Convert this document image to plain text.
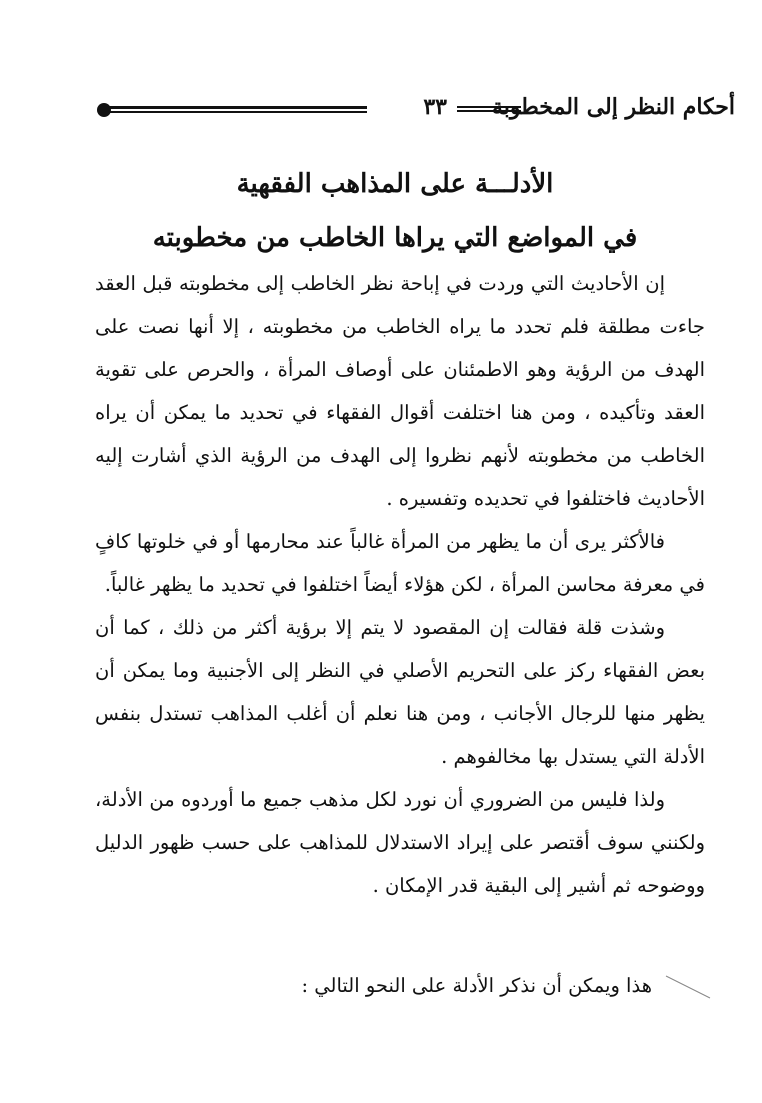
٣٣ أحكام النظر إلى المخطوبة
الأدلـــة على المذاهب الفقهية
في المواضع التي يراها الخاطب من مخطوبته

إن الأحاديث التي وردت في إباحة نظر الخاطب إلى مخطوبته قبل العقد جاءت مطلقة فلم تحدد ما يراه الخاطب من مخطوبته ، إلا أنها نصت على الهدف من الرؤية وهو الاطمئنان على أوصاف المرأة ، والحرص على تقوية العقد وتأكيده ، ومن هنا اختلفت أقوال الفقهاء في تحديد ما يمكن أن يراه الخاطب من مخطوبته لأنهم نظروا إلى الهدف من الرؤية الذي أشارت إليه الأحاديث فاختلفوا في تحديده وتفسيره .

فالأكثر يرى أن ما يظهر من المرأة غالباً عند محارمها أو في خلوتها كافٍ في معرفة محاسن المرأة ، لكن هؤلاء أيضاً اختلفوا في تحديد ما يظهر غالباً.

وشذت قلة فقالت إن المقصود لا يتم إلا برؤية أكثر من ذلك ، كما أن بعض الفقهاء ركز على التحريم الأصلي في النظر إلى الأجنبية وما يمكن أن يظهر منها للرجال الأجانب ، ومن هنا نعلم أن أغلب المذاهب تستدل بنفس الأدلة التي يستدل بها مخالفوهم .

ولذا فليس من الضروري أن نورد لكل مذهب جميع ما أوردوه من الأدلة، ولكنني سوف أقتصر على إيراد الاستدلال للمذاهب على حسب ظهور الدليل ووضوحه ثم أشير إلى البقية قدر الإمكان .

هذا ويمكن أن نذكر الأدلة على النحو التالي :
